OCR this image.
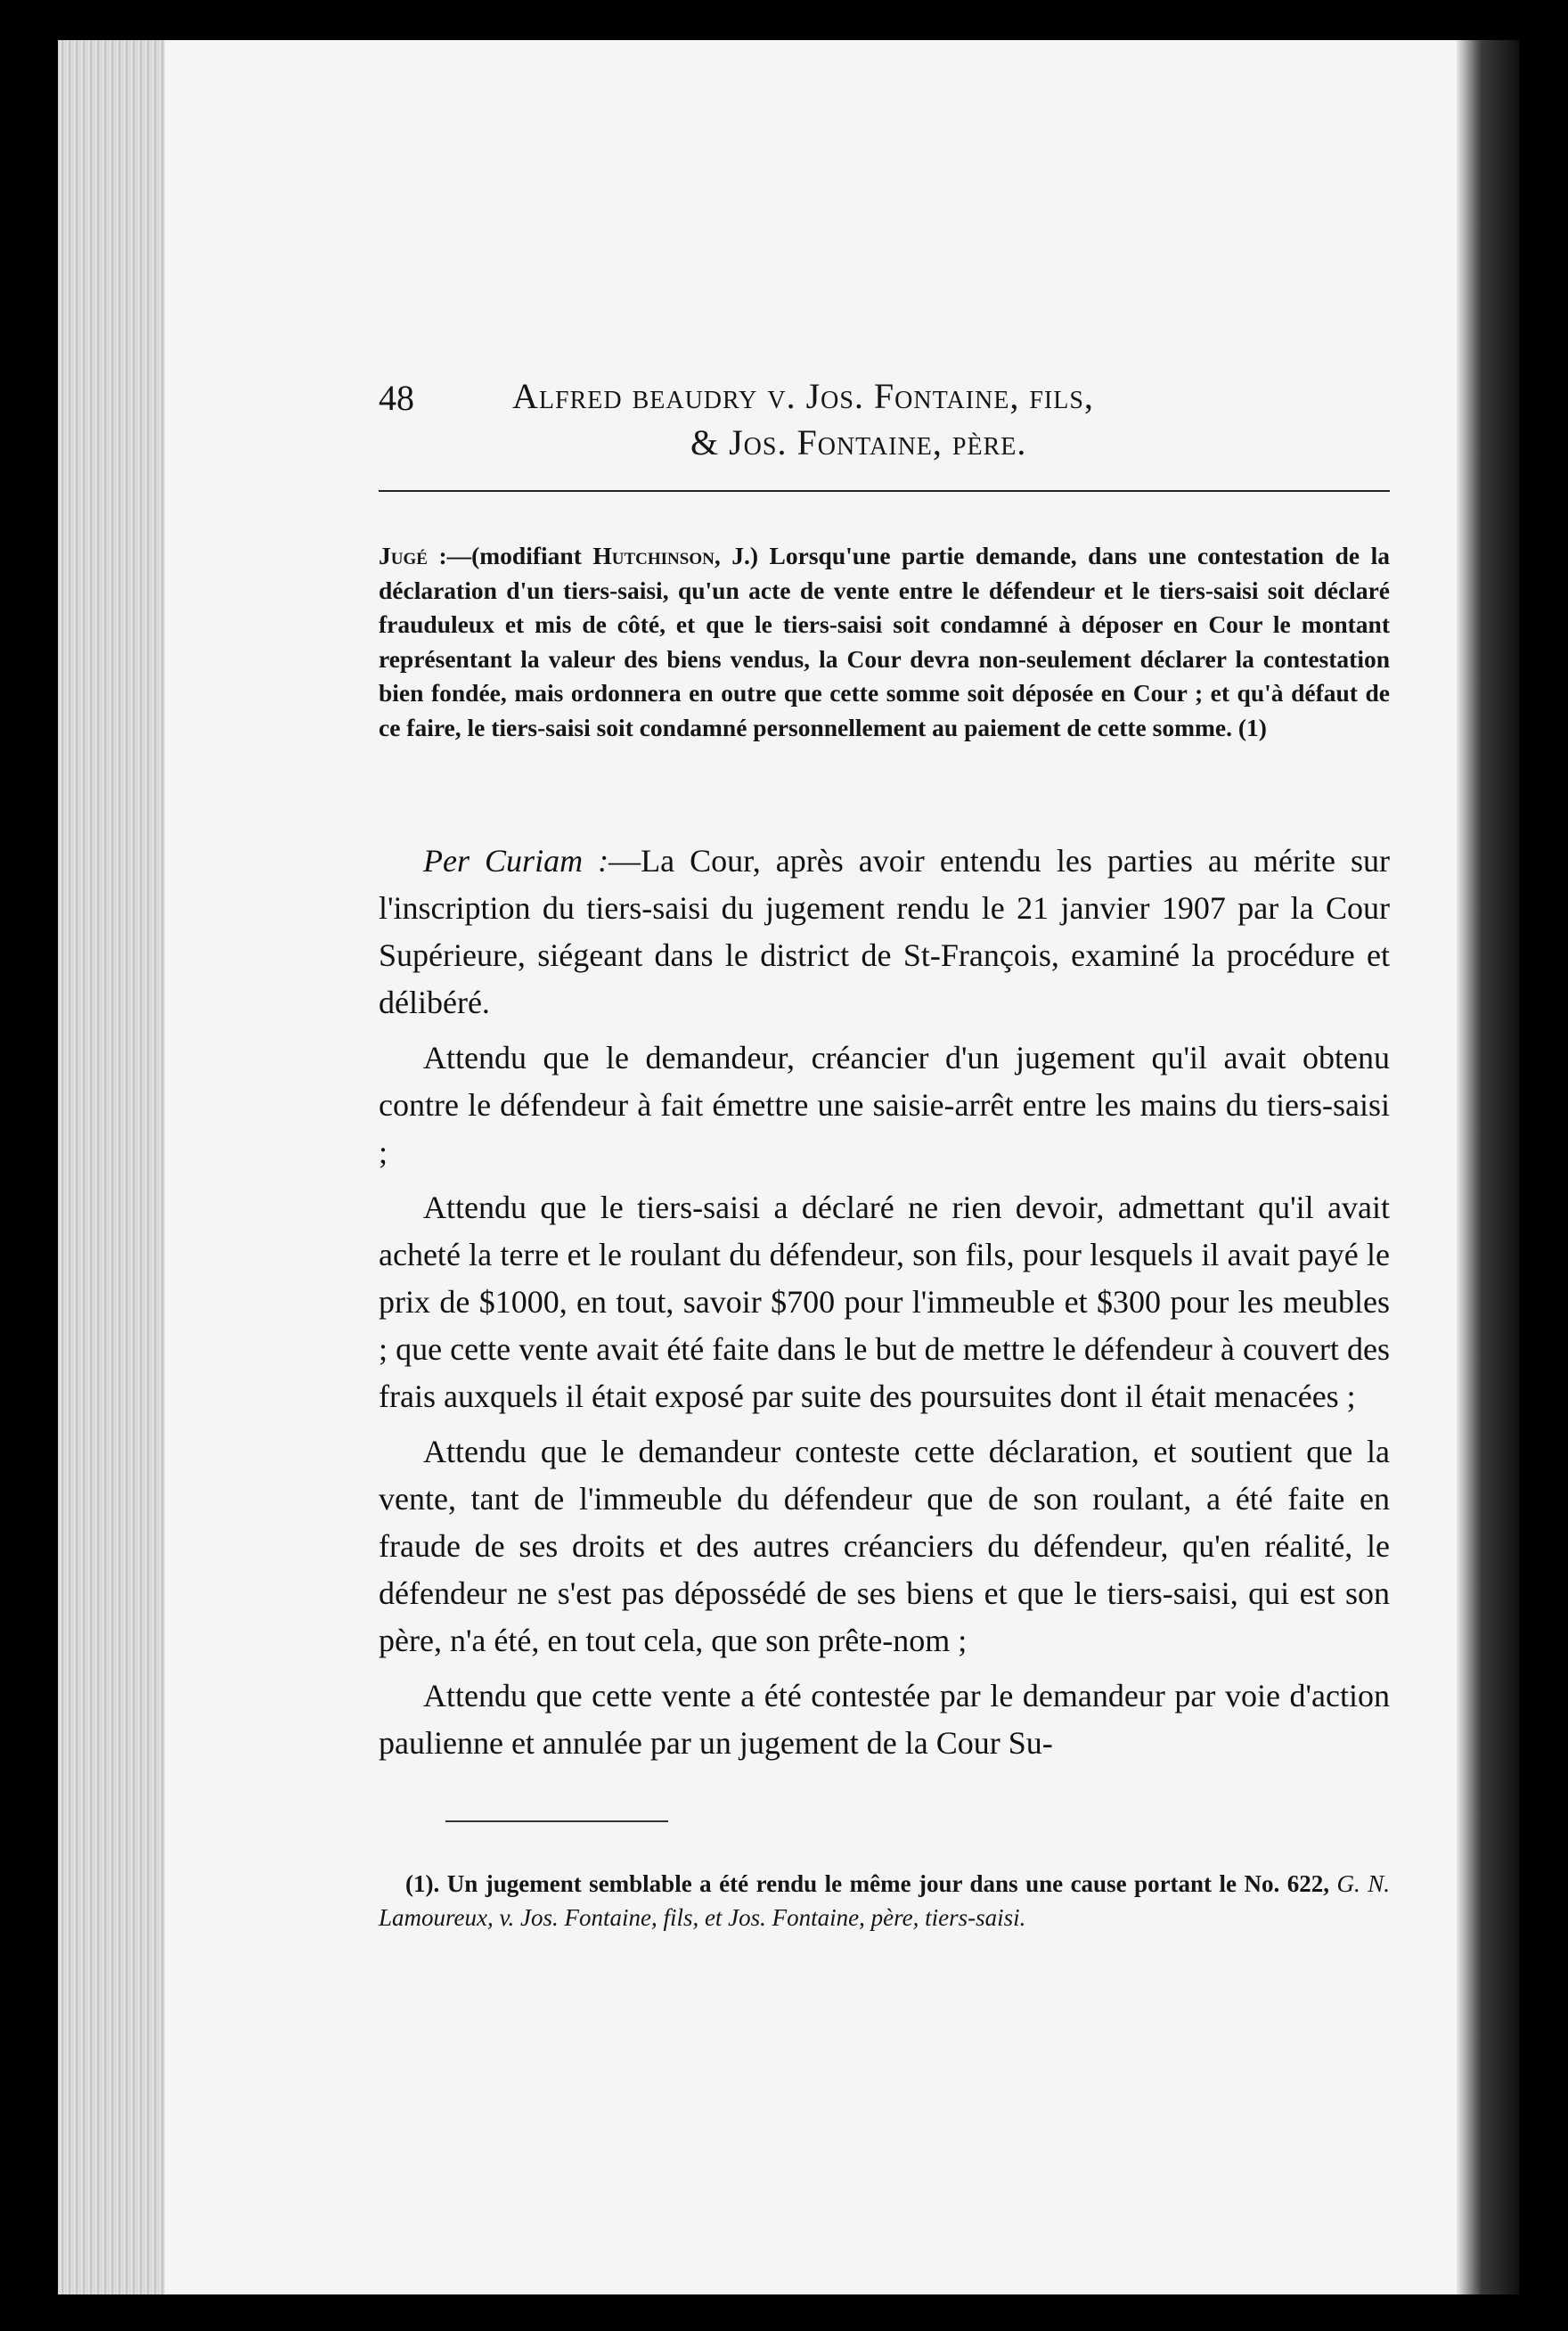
48	Alfred beaudry v. Jos. Fontaine, fils,
& Jos. Fontaine, père.
Jugé :—(modifiant Hutchinson, J.) Lorsqu'une partie demande, dans une contestation de la déclaration d'un tiers-saisi, qu'un acte de vente entre le défendeur et le tiers-saisi soit déclaré frauduleux et mis de côté, et que le tiers-saisi soit condamné à déposer en Cour le montant représentant la valeur des biens vendus, la Cour devra non-seulement déclarer la contestation bien fondée, mais ordonnera en outre que cette somme soit déposée en Cour ; et qu'à défaut de ce faire, le tiers-saisi soit condamné personnellement au paiement de cette somme. (1)

Per Curiam :—La Cour, après avoir entendu les parties au mérite sur l'inscription du tiers-saisi du jugement rendu le 21 janvier 1907 par la Cour Supérieure, siégeant dans le district de St-François, examiné la procédure et délibéré.

Attendu que le demandeur, créancier d'un jugement qu'il avait obtenu contre le défendeur à fait émettre une saisie-arrêt entre les mains du tiers-saisi ;

Attendu que le tiers-saisi a déclaré ne rien devoir, admettant qu'il avait acheté la terre et le roulant du défendeur, son fils, pour lesquels il avait payé le prix de $1000, en tout, savoir $700 pour l'immeuble et $300 pour les meubles ; que cette vente avait été faite dans le but de mettre le défendeur à couvert des frais auxquels il était exposé par suite des poursuites dont il était menacées ;

Attendu que le demandeur conteste cette déclaration, et soutient que la vente, tant de l'immeuble du défendeur que de son roulant, a été faite en fraude de ses droits et des autres créanciers du défendeur, qu'en réalité, le défendeur ne s'est pas dépossédé de ses biens et que le tiers-saisi, qui est son père, n'a été, en tout cela, que son prête-nom ;

Attendu que cette vente a été contestée par le demandeur par voie d'action paulienne et annulée par un jugement de la Cour Su-

(1). Un jugement semblable a été rendu le même jour dans une cause portant le No. 622, G. N. Lamoureux, v. Jos. Fontaine, fils, et Jos. Fontaine, père, tiers-saisi.
